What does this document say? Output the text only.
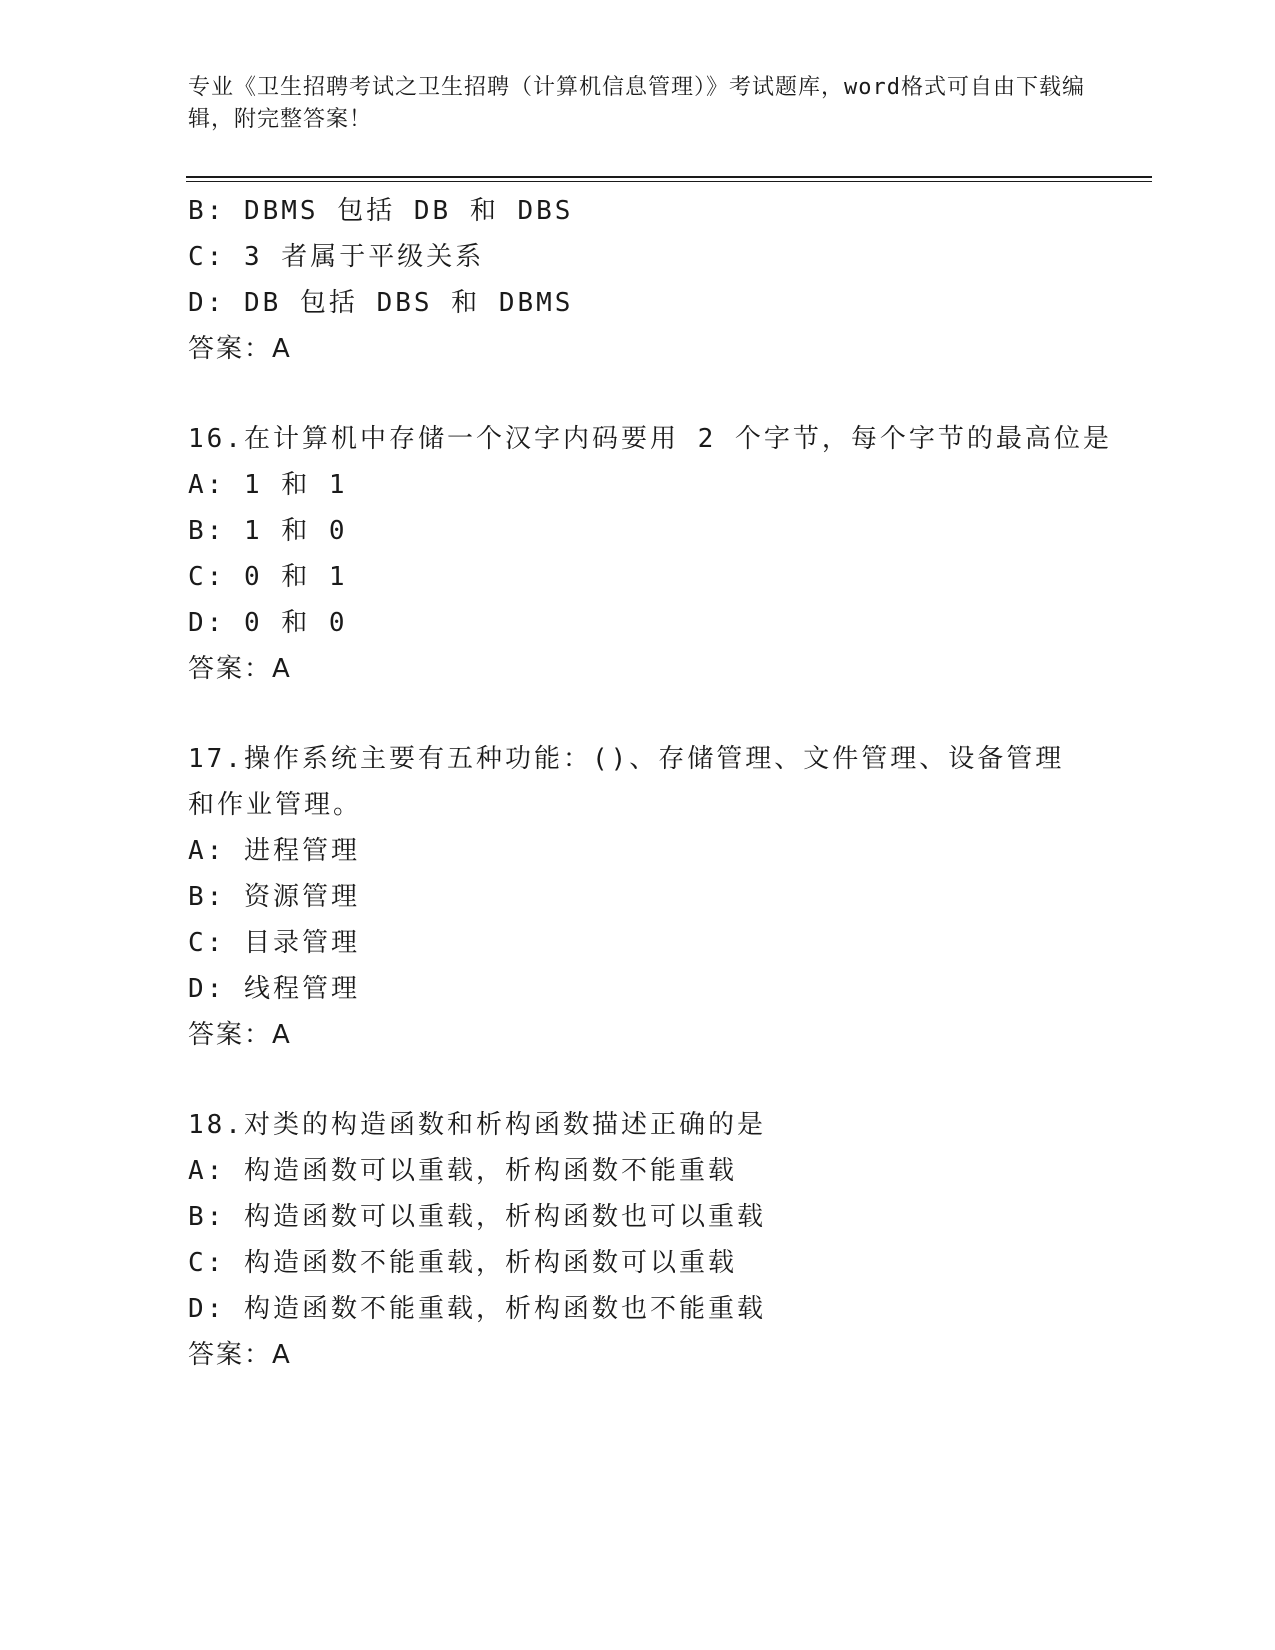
专业《卫生招聘考试之卫生招聘（计算机信息管理）》考试题库，word格式可自由下载编辑，附完整答案！
B: DBMS 包括 DB 和 DBS
C: 3 者属于平级关系
D: DB 包括 DBS 和 DBMS
答案：A
16.在计算机中存储一个汉字内码要用 2 个字节，每个字节的最高位是
A: 1 和 1
B: 1 和 0
C: 0 和 1
D: 0 和 0
答案：A
17.操作系统主要有五种功能：()、存储管理、文件管理、设备管理和作业管理。
A: 进程管理
B: 资源管理
C: 目录管理
D: 线程管理
答案：A
18.对类的构造函数和析构函数描述正确的是
A: 构造函数可以重载，析构函数不能重载
B: 构造函数可以重载，析构函数也可以重载
C: 构造函数不能重载，析构函数可以重载
D: 构造函数不能重载，析构函数也不能重载
答案：A
